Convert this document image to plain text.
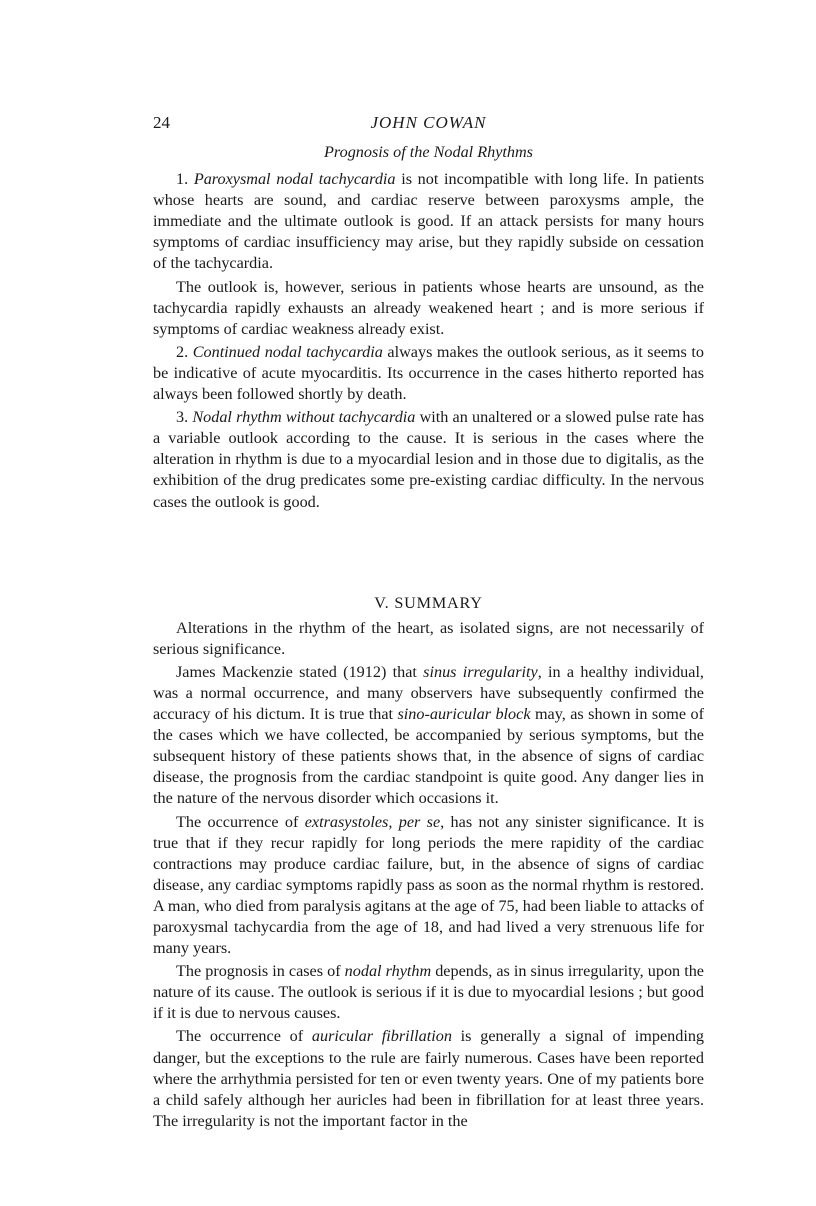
24	JOHN COWAN
Prognosis of the Nodal Rhythms

1. Paroxysmal nodal tachycardia is not incompatible with long life. In patients whose hearts are sound, and cardiac reserve between paroxysms ample, the immediate and the ultimate outlook is good. If an attack persists for many hours symptoms of cardiac insufficiency may arise, but they rapidly subside on cessation of the tachycardia.

The outlook is, however, serious in patients whose hearts are unsound, as the tachycardia rapidly exhausts an already weakened heart ; and is more serious if symptoms of cardiac weakness already exist.

2. Continued nodal tachycardia always makes the outlook serious, as it seems to be indicative of acute myocarditis. Its occurrence in the cases hitherto reported has always been followed shortly by death.

3. Nodal rhythm without tachycardia with an unaltered or a slowed pulse rate has a variable outlook according to the cause. It is serious in the cases where the alteration in rhythm is due to a myocardial lesion and in those due to digitalis, as the exhibition of the drug predicates some pre-existing cardiac difficulty. In the nervous cases the outlook is good.

V. SUMMARY

Alterations in the rhythm of the heart, as isolated signs, are not necessarily of serious significance.

James Mackenzie stated (1912) that sinus irregularity, in a healthy individual, was a normal occurrence, and many observers have subsequently confirmed the accuracy of his dictum. It is true that sino-auricular block may, as shown in some of the cases which we have collected, be accompanied by serious symptoms, but the subsequent history of these patients shows that, in the absence of signs of cardiac disease, the prognosis from the cardiac standpoint is quite good. Any danger lies in the nature of the nervous disorder which occasions it.

The occurrence of extrasystoles, per se, has not any sinister significance. It is true that if they recur rapidly for long periods the mere rapidity of the cardiac contractions may produce cardiac failure, but, in the absence of signs of cardiac disease, any cardiac symptoms rapidly pass as soon as the normal rhythm is restored. A man, who died from paralysis agitans at the age of 75, had been liable to attacks of paroxysmal tachycardia from the age of 18, and had lived a very strenuous life for many years.

The prognosis in cases of nodal rhythm depends, as in sinus irregularity, upon the nature of its cause. The outlook is serious if it is due to myocardial lesions ; but good if it is due to nervous causes.

The occurrence of auricular fibrillation is generally a signal of impending danger, but the exceptions to the rule are fairly numerous. Cases have been reported where the arrhythmia persisted for ten or even twenty years. One of my patients bore a child safely although her auricles had been in fibrillation for at least three years. The irregularity is not the important factor in the
